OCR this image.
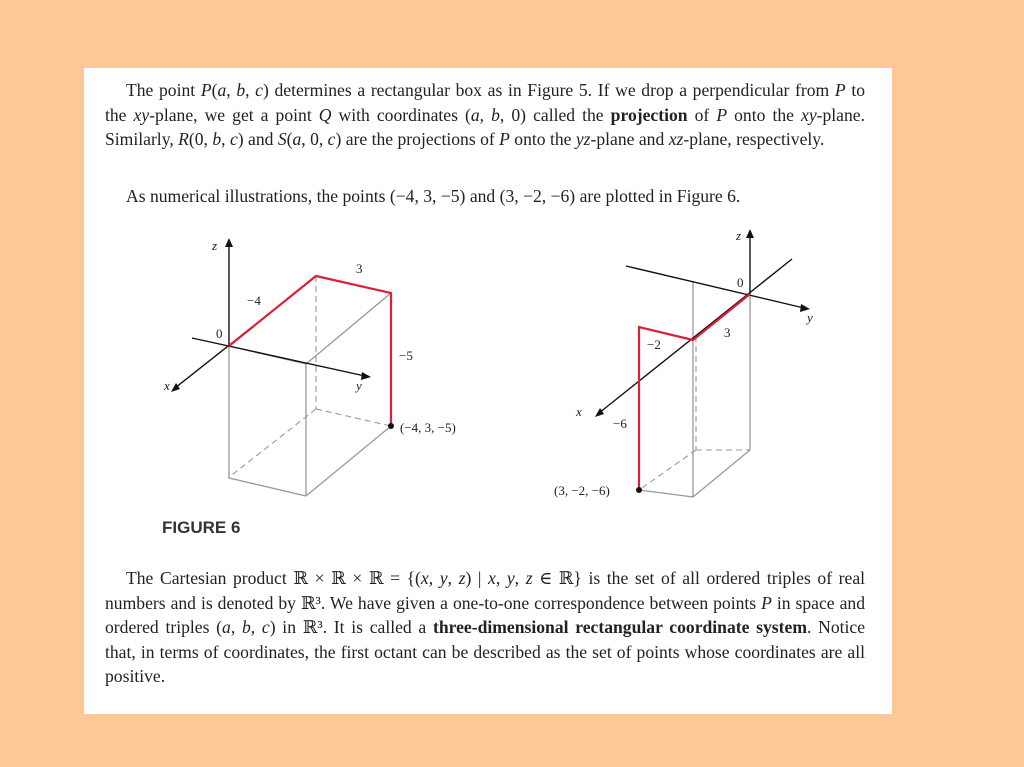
The point P(a, b, c) determines a rectangular box as in Figure 5. If we drop a perpendicular from P to the xy-plane, we get a point Q with coordinates (a, b, 0) called the projection of P onto the xy-plane. Similarly, R(0, b, c) and S(a, 0, c) are the projections of P onto the yz-plane and xz-plane, respectively.

As numerical illustrations, the points (−4, 3, −5) and (3, −2, −6) are plotted in Figure 6.

z
x	y
0
−4
3
−5
(−4, 3, −5)
z
x
y
0
3
−2
−6
(3, −2, −6)

FIGURE 6

The Cartesian product ℝ × ℝ × ℝ = {(x, y, z) | x, y, z ∈ ℝ} is the set of all ordered triples of real numbers and is denoted by ℝ³. We have given a one-to-one correspondence between points P in space and ordered triples (a, b, c) in ℝ³. It is called a three-dimensional rectangular coordinate system. Notice that, in terms of coordinates, the first octant can be described as the set of points whose coordinates are all positive.
